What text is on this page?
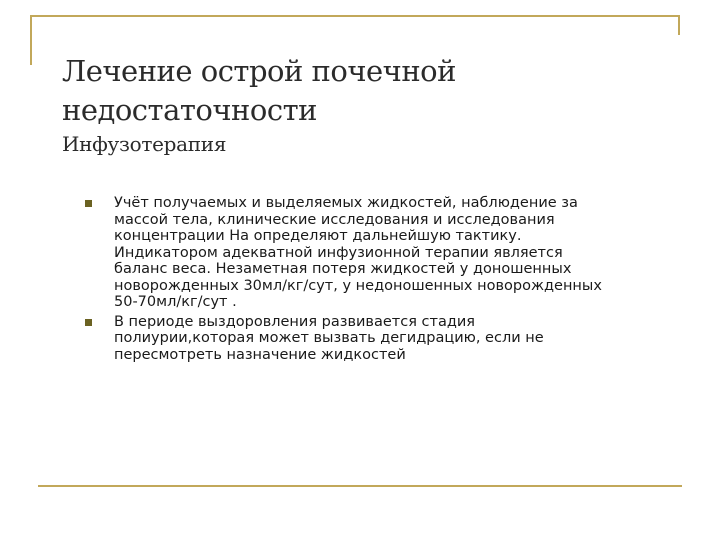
Лечение острой почечной
недостаточности
Инфузотерапия
Учёт получаемых и выделяемых жидкостей, наблюдение за
массой тела, клинические исследования и исследования
концентрации На определяют дальнейшую тактику.
Индикатором адекватной инфузионной терапии является
баланс веса. Незаметная потеря жидкостей у доношенных
новорожденных 30мл/кг/сут, у недоношенных новорожденных
50-70мл/кг/сут .
В периоде выздоровления развивается стадия
полиурии,которая может вызвать дегидрацию, если не
пересмотреть назначение жидкостей
